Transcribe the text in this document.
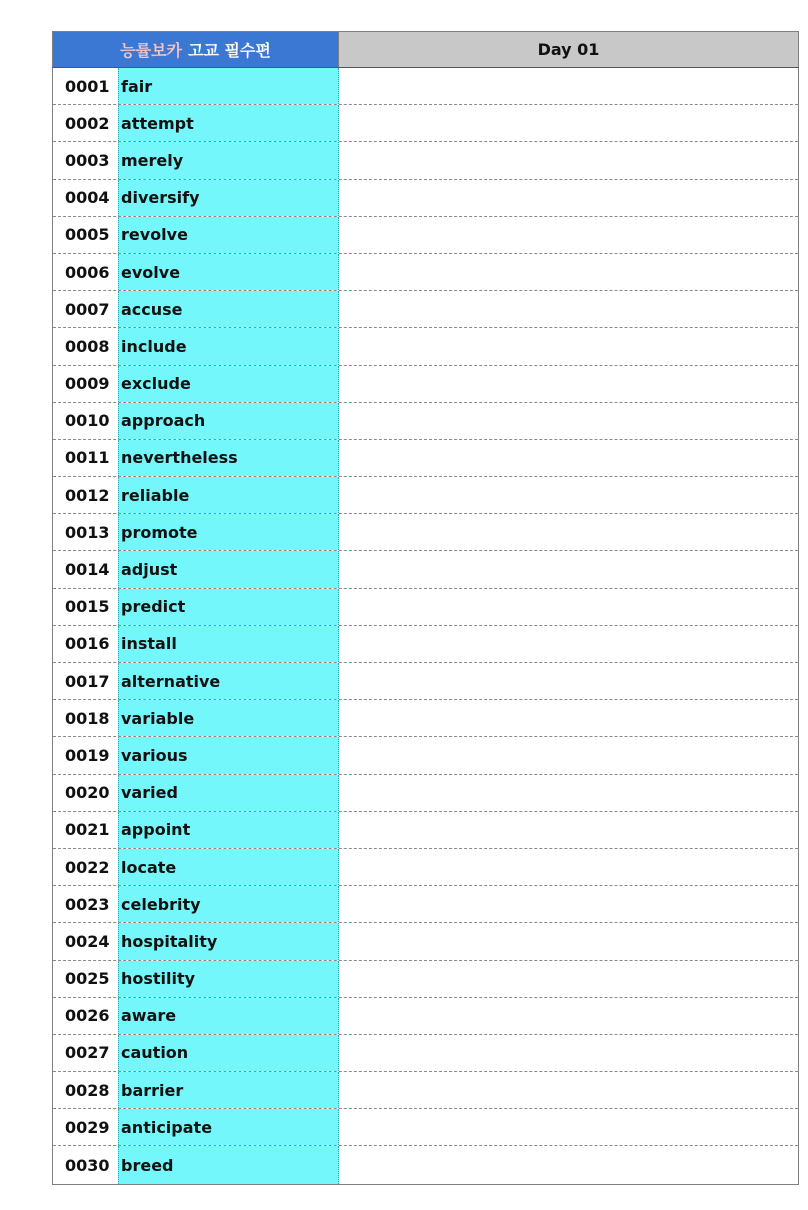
능률보카 고교 필수편	Day 01
0001 fair
0002 attempt
0003 merely
0004 diversify
0005 revolve
0006 evolve
0007 accuse
0008 include
0009 exclude
0010 approach
0011 nevertheless
0012 reliable
0013 promote
0014 adjust
0015 predict
0016 install
0017 alternative
0018 variable
0019 various
0020 varied
0021 appoint
0022 locate
0023 celebrity
0024 hospitality
0025 hostility
0026 aware
0027 caution
0028 barrier
0029 anticipate
0030 breed
